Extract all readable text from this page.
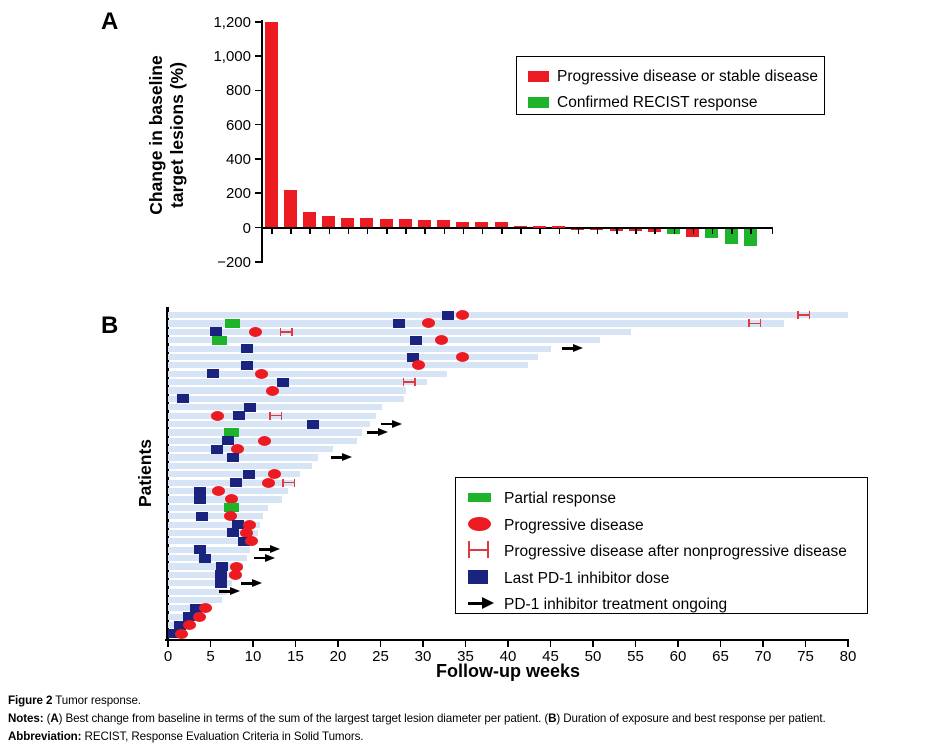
A
Change in baseline target lesions (%)
1,200
1,000
800
600
400
200
0
−200
Progressive disease or stable disease
Confirmed RECIST response
B
Patients
0	5	10	15	20	25	30	35	40	45	50	55	60	65	70	75	80
Follow-up weeks
Partial response
Progressive disease
Progressive disease after nonprogressive disease
Last PD-1 inhibitor dose
PD-1 inhibitor treatment ongoing
Figure 2 Tumor response.
Notes: (A) Best change from baseline in terms of the sum of the largest target lesion diameter per patient. (B) Duration of exposure and best response per patient.
Abbreviation: RECIST, Response Evaluation Criteria in Solid Tumors.
